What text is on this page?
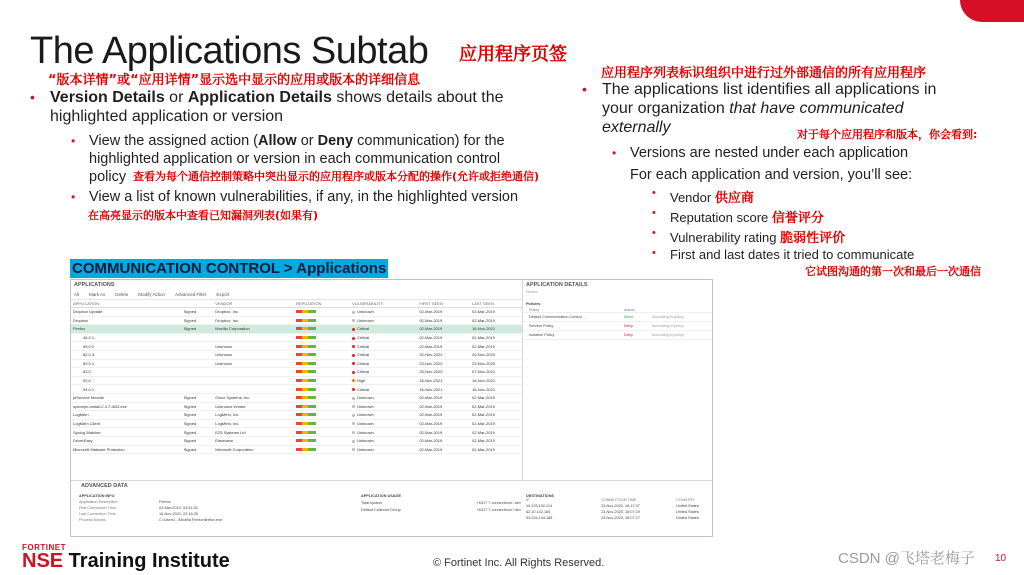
The Applications Subtab 应用程序页签
“版本详情”或“应用详情”显示选中显示的应用或版本的详细信息
• Version Details or Application Details shows details about the
highlighted application or version
• View the assigned action (Allow or Deny communication) for the
highlighted application or version in each communication control
policy 查看为每个通信控制策略中突出显示的应用程序或版本分配的操作(允许或拒绝通信)
• View a list of known vulnerabilities, if any, in the highlighted version
在高亮显示的版本中查看已知漏洞列表(如果有)
应用程序列表标识组织中进行过外部通信的所有应用程序
• The applications list identifies all applications in
your organization that have communicated
externally	对于每个应用程序和版本，你会看到:
• Versions are nested under each application
For each application and version, you’ll see:
• Vendor 供应商
• Reputation score 信誉评分
• Vulnerability rating 脆弱性评价
• First and last dates it tried to communicate
它试图沟通的第一次和最后一次通信
COMMUNICATION CONTROL > Applications
APPLICATIONS
All Mark As Delete Modify Action Advanced Filter Export
APPLICATION		VENDOR	REPUTATION	VULNERABILITY	FIRST SEEN	LAST SEEN
Dropbox Update	Signed	Dropbox, Inc.		Unknown	02-Mar-2019	02-Mar-2019
Dropbox	Signed	Dropbox, Inc.		Unknown	02-Mar-2019	02-Mar-2019
Firefox	Signed	Mozilla Corporation		Critical	02-Mar-2019	16-Nov-2021
46.0.1				Critical	02-Mar-2019	02-Mar-2019
65.0.2		Unknown		Critical	02-Mar-2019	02-Mar-2019
82.0.3		Unknown		Critical	20-Nov-2020	20-Nov-2020
83.0.1		Unknown		Critical	23-Nov-2020	23-Nov-2020
83.0				Critical	25-Nov-2020	07-Nov-2021
92.0				High	16-Nov-2021	16-Nov-2021
94.0.1				Critical	16-Nov-2021	16-Nov-2021
pfService Module	Signed	Cisco Systems, Inc.		Unknown	02-Mar-2019	02-Mar-2019
openvpn-install-2.4.7-I603.exe	Signed	Unknown Vendor		Unknown	02-Mar-2019	02-Mar-2019
LogMeIn	Signed	LogMeIn, Inc.		Unknown	02-Mar-2019	02-Mar-2019
LogMeIn Client	Signed	LogMeIn, Inc.		Unknown	02-Mar-2019	02-Mar-2019
Syslog Watcher	Signed	EZ5 Systems Ltd		Unknown	02-Mar-2019	02-Mar-2019
DriverEasy	Signed	Easeware		Unknown	02-Mar-2019	02-Mar-2019
Microsoft Malware Protection	Signed	Microsoft Corporation		Unknown	02-Mar-2019	02-Mar-2019
APPLICATION DETAILS
Firefox
Policies
Policy	Action
Default Communication Control ...	Allow	According to policy
Servers Policy	Deny	According to policy
Isolation Policy	Deny	According to policy
ADVANCED DATA
APPLICATION INFO
Application Description	Firefox
First Connection Time	02-Mar-2019, 04:31:33
Last Connection Time	16-Nov-2021, 22:16:35
Process Names	C:\Users\...\Mozilla Firefox\firefox.exe
APPLICATION USAGE
Total system	+6317 7 connections / dev
Default Collector Group	+6317 7 connections / dev
DESTINATIONS
IP	CONNECTION TIME	COUNTRY
10.225.102.114	23-Nov-2020, 16:17:37	United States
62.10.142.165	23-Nov-2020, 16:07:29	United States
34.226.144.188	23-Nov-2020, 16:07:27	United States
FORTINET
NSE Training Institute	© Fortinet Inc. All Rights Reserved.	CSDN @飞塔老梅子 10
